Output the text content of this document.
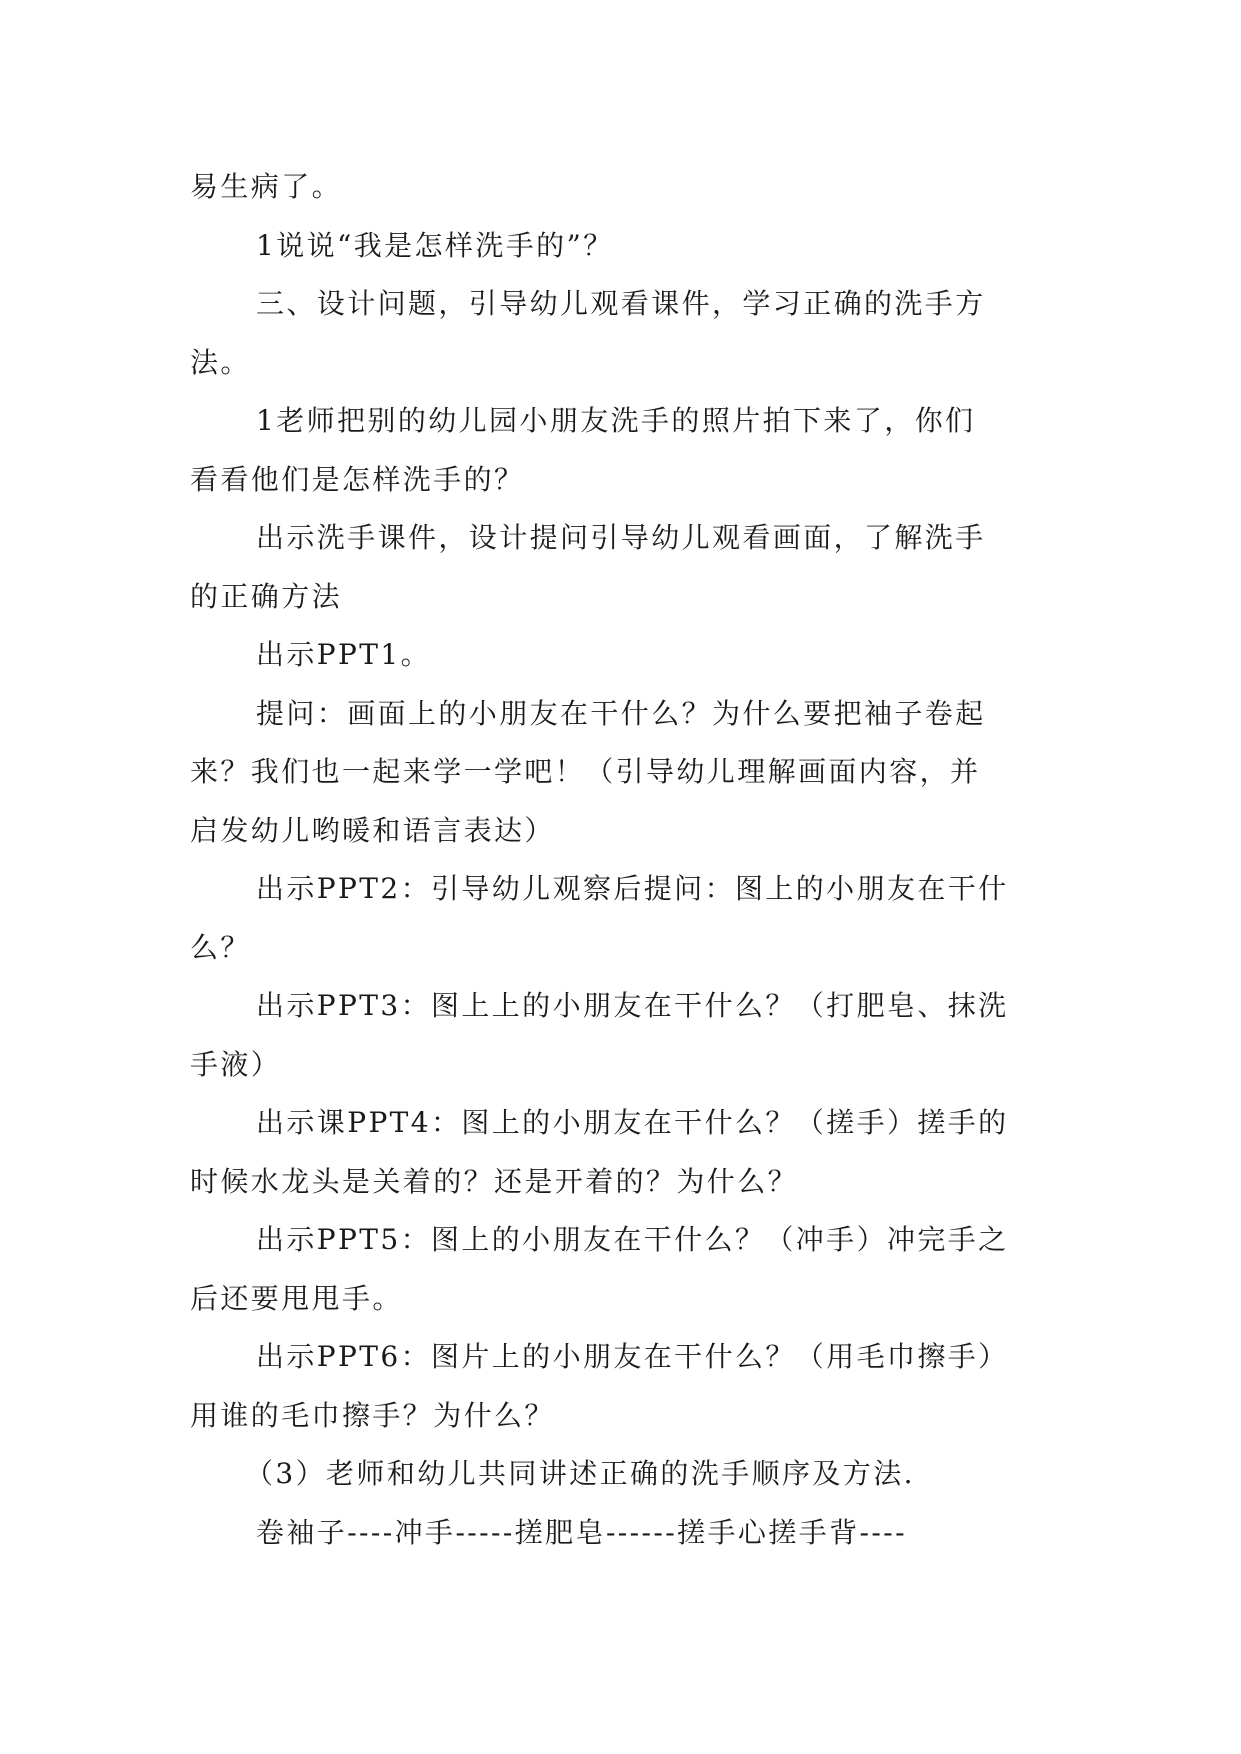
易生病了。
1说说“我是怎样洗手的”？
三、设计问题，引导幼儿观看课件，学习正确的洗手方
法。
1老师把别的幼儿园小朋友洗手的照片拍下来了，你们
看看他们是怎样洗手的？
出示洗手课件，设计提问引导幼儿观看画面，了解洗手
的正确方法
出示PPT1。
提问：画面上的小朋友在干什么？为什么要把袖子卷起
来？我们也一起来学一学吧！（引导幼儿理解画面内容，并
启发幼儿哟暖和语言表达）
出示PPT2：引导幼儿观察后提问：图上的小朋友在干什
么？
出示PPT3：图上上的小朋友在干什么？（打肥皂、抹洗
手液）
出示课PPT4：图上的小朋友在干什么？（搓手）搓手的
时候水龙头是关着的？还是开着的？为什么？
出示PPT5：图上的小朋友在干什么？（冲手）冲完手之
后还要甩甩手。
出示PPT6：图片上的小朋友在干什么？（用毛巾擦手）
用谁的毛巾擦手？为什么？
（3）老师和幼儿共同讲述正确的洗手顺序及方法.
卷袖子----冲手-----搓肥皂------搓手心搓手背----
